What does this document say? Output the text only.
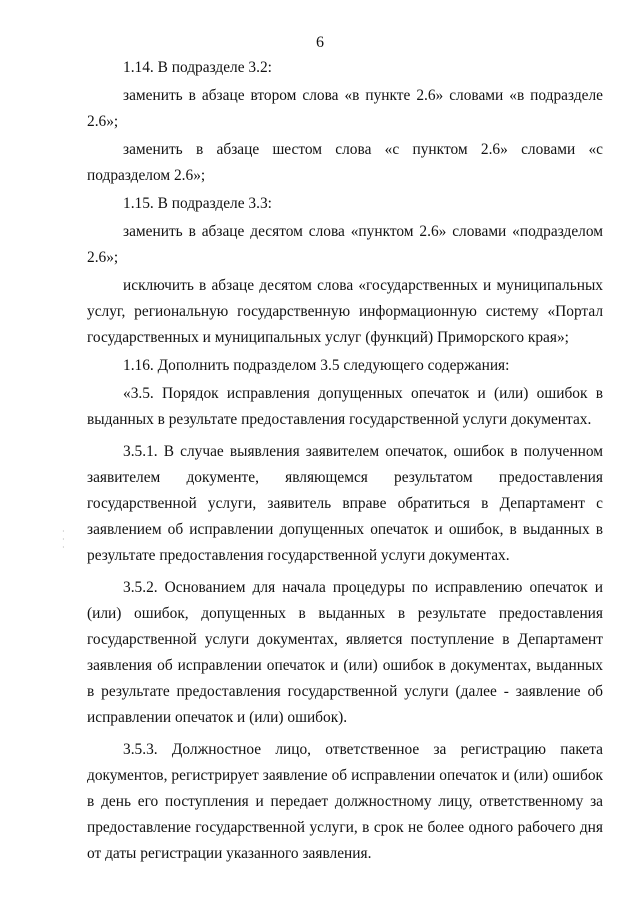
6
·
·
·

1.14. В подразделе 3.2:

заменить в абзаце втором слова «в пункте 2.6» словами «в подразделе 2.6»;

заменить в абзаце шестом слова «с пунктом 2.6» словами «с подразделом 2.6»;

1.15. В подразделе 3.3:

заменить в абзаце десятом слова «пунктом 2.6» словами «подразделом 2.6»;

исключить в абзаце десятом слова «государственных и муниципальных услуг, региональную государственную информационную систему «Портал государственных и муниципальных услуг (функций) Приморского края»;

1.16. Дополнить подразделом 3.5 следующего содержания:

«3.5. Порядок исправления допущенных опечаток и (или) ошибок в выданных в результате предоставления государственной услуги документах.

3.5.1. В случае выявления заявителем опечаток, ошибок в полученном заявителем документе, являющемся результатом предоставления государственной услуги, заявитель вправе обратиться в Департамент с заявлением об исправлении допущенных опечаток и ошибок, в выданных в результате предоставления государственной услуги документах.

3.5.2. Основанием для начала процедуры по исправлению опечаток и (или) ошибок, допущенных в выданных в результате предоставления государственной услуги документах, является поступление в Департамент заявления об исправлении опечаток и (или) ошибок в документах, выданных в результате предоставления государственной услуги (далее - заявление об исправлении опечаток и (или) ошибок).

3.5.3. Должностное лицо, ответственное за регистрацию пакета документов, регистрирует заявление об исправлении опечаток и (или) ошибок в день его поступления и передает должностному лицу, ответственному за предоставление государственной услуги, в срок не более одного рабочего дня от даты регистрации указанного заявления.
